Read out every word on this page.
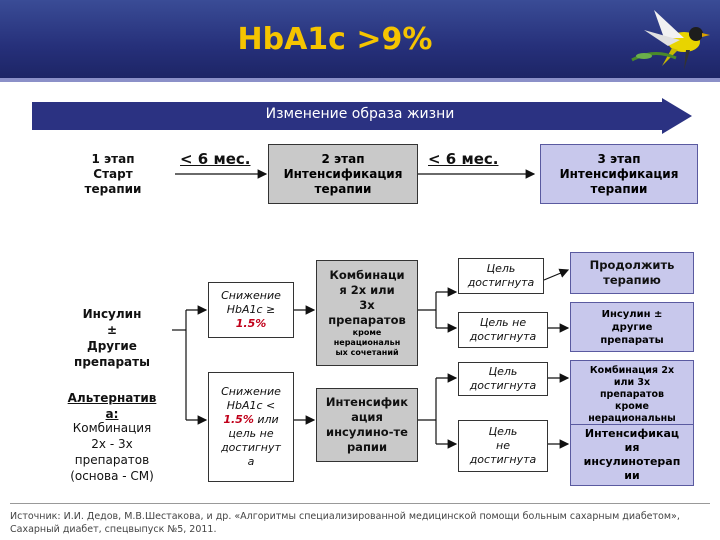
HbA1c >9%
Изменение образа жизни
1 этап
Старт
терапии
< 6 мес.	2 этап
Интенсификация
терапии
< 6 мес.	3 этап
Интенсификация
терапии
Инсулин
±
Другие
препараты
Альтернатив
а:
Комбинация
2х - 3х
препаратов
(основа - СМ)
Снижение
HbA1c ≥
1.5%
Снижение
HbA1c <
1.5% или
цель не
достигнут
а
Комбинаци
я 2х или
3х
препаратов
кроме
нерациональн
ых сочетаний
Интенсифик
ация
инсулино-те
рапии
Цель
достигнута
Цель не
достигнута
Цель
достигнута
Цель
не
достигнута
Продолжить
терапию
Инсулин ±
другие
препараты
Комбинация 2х
или 3х
препаратов
кроме
нерациональны
Интенсификац
ия
инсулинотерап
ии
Источник: И.И. Дедов, М.В.Шестакова, и др. «Алгоритмы специализированной медицинской помощи больным сахарным диабетом», Сахарный диабет, спецвыпуск №5, 2011.
